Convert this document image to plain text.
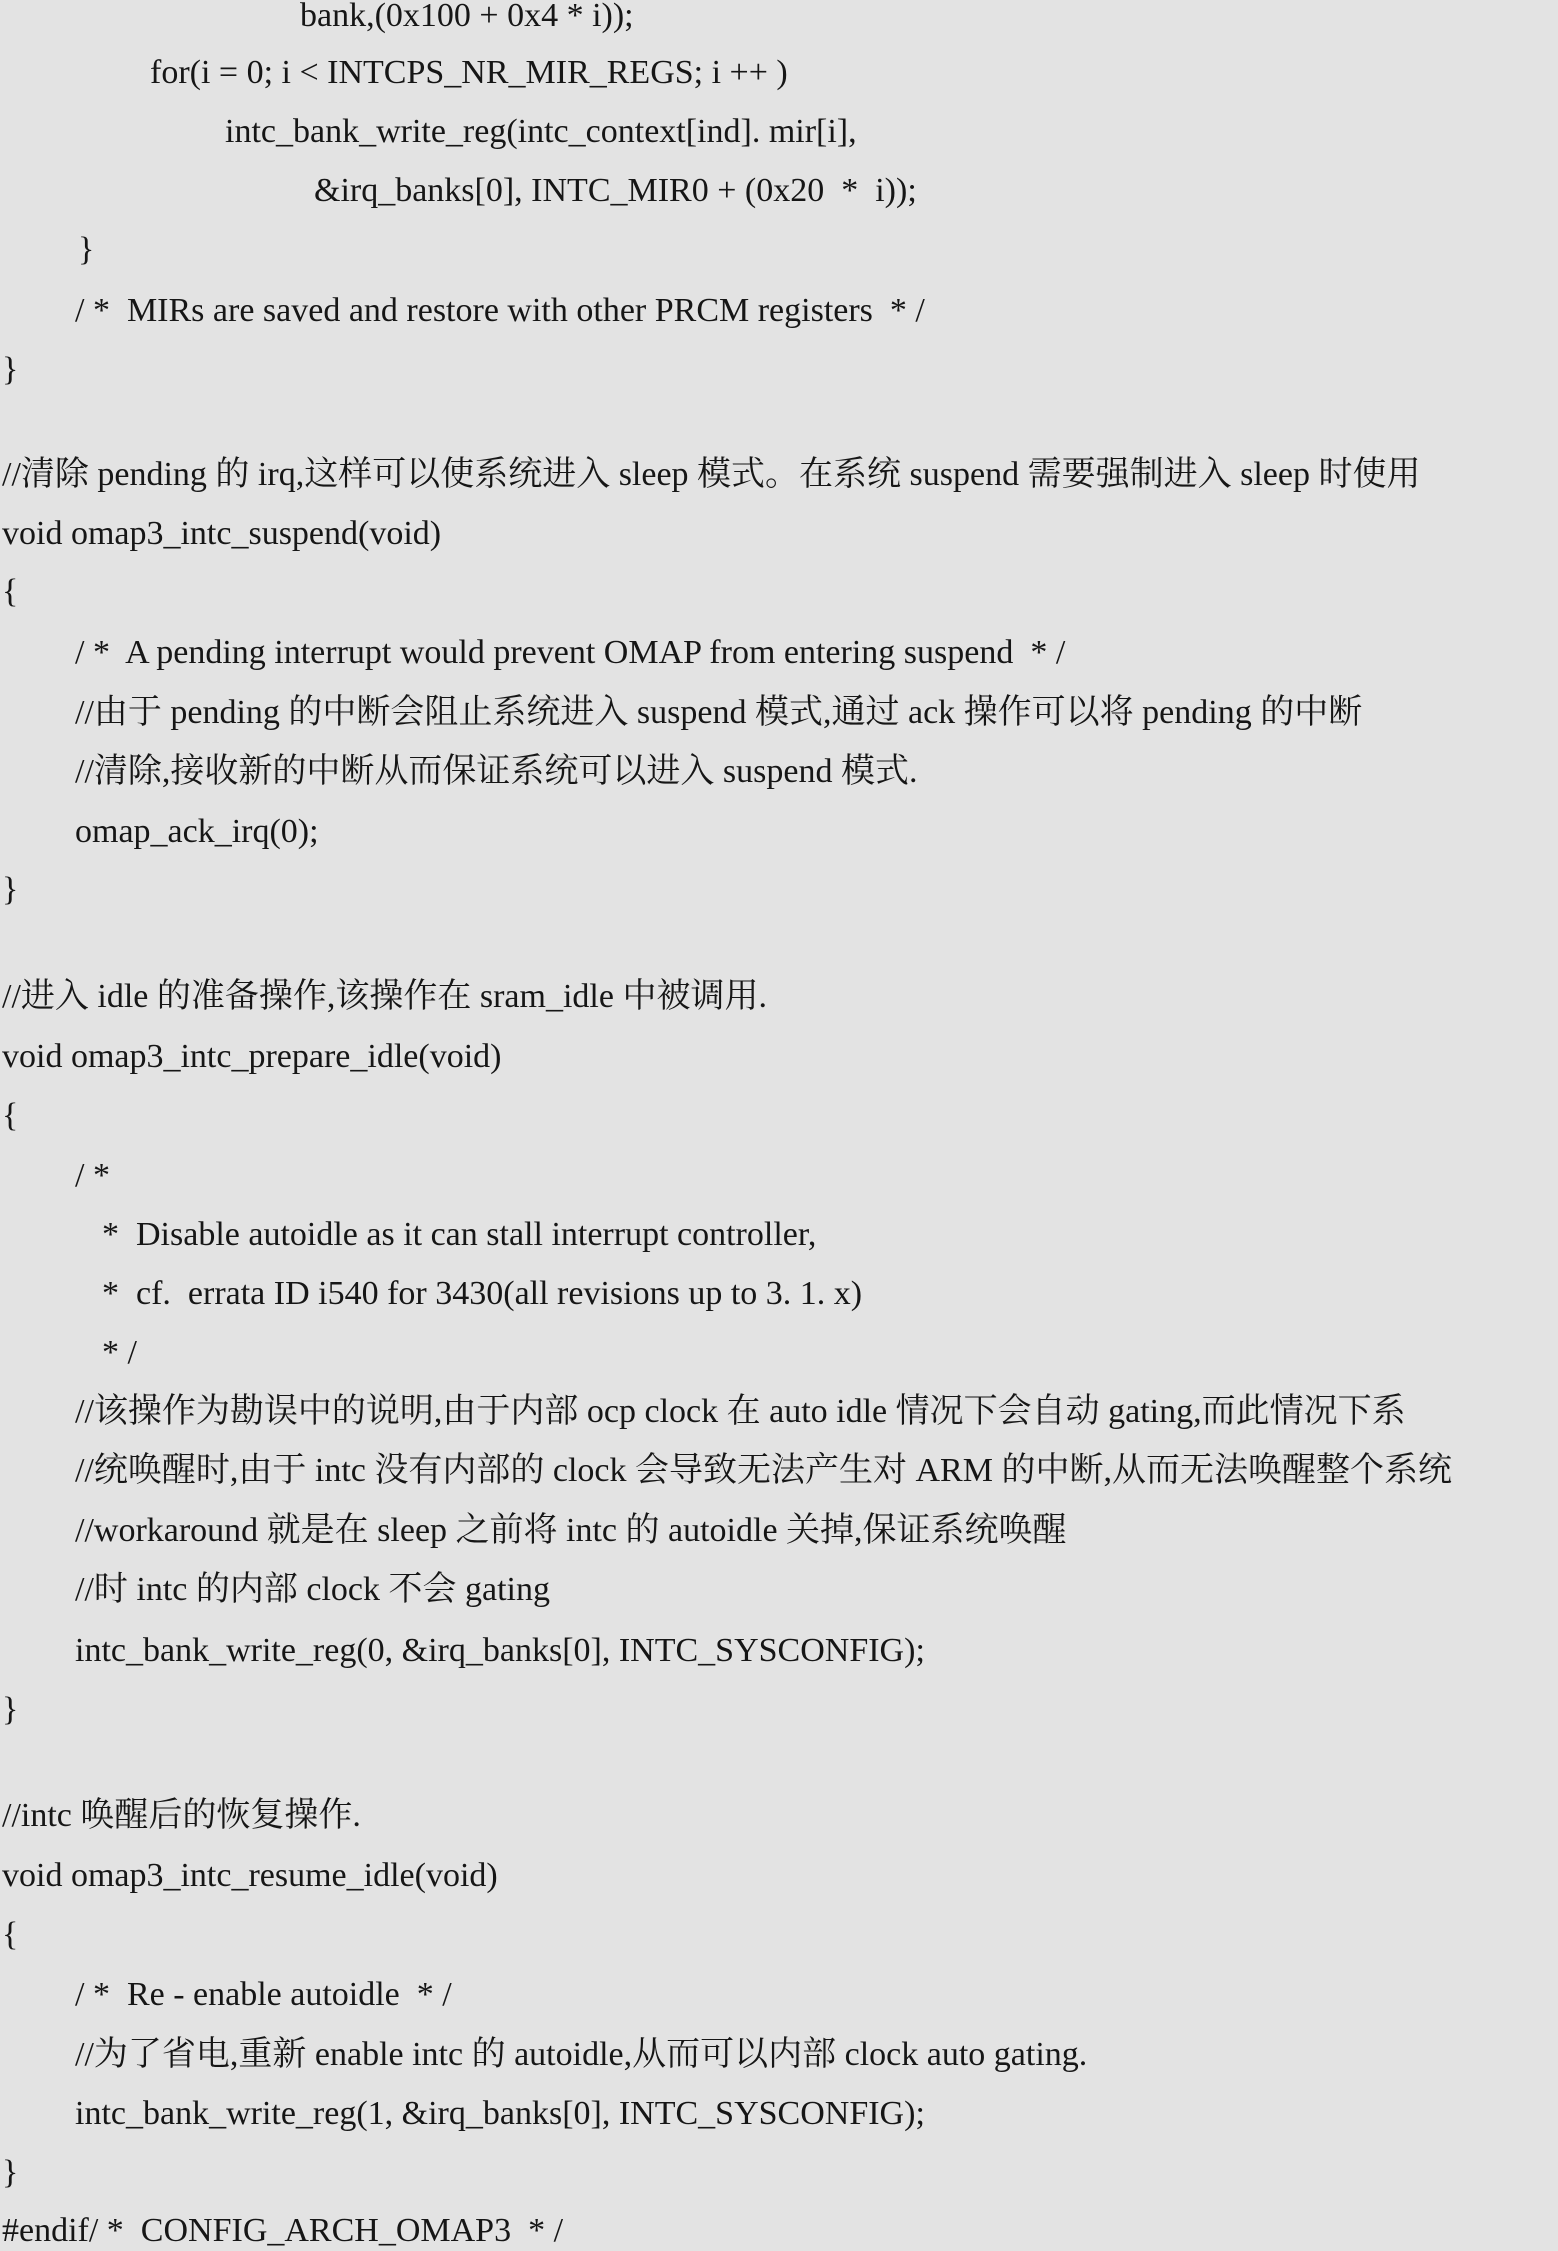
bank,(0x100 + 0x4 * i));
for(i = 0; i < INTCPS_NR_MIR_REGS; i ++ )
intc_bank_write_reg(intc_context[ind]. mir[i],
&irq_banks[0], INTC_MIR0 + (0x20  *  i));
}
/ *  MIRs are saved and restore with other PRCM registers  * /
}
//清除 pending 的 irq,这样可以使系统进入 sleep 模式。在系统 suspend 需要强制进入 sleep 时使用
void omap3_intc_suspend(void)
{
/ *  A pending interrupt would prevent OMAP from entering suspend  * /
//由于 pending 的中断会阻止系统进入 suspend 模式,通过 ack 操作可以将 pending 的中断
//清除,接收新的中断从而保证系统可以进入 suspend 模式.
omap_ack_irq(0);
}
//进入 idle 的准备操作,该操作在 sram_idle 中被调用.
void omap3_intc_prepare_idle(void)
{
/ *
*  Disable autoidle as it can stall interrupt controller,
*  cf.  errata ID i540 for 3430(all revisions up to 3. 1. x)
* /
//该操作为勘误中的说明,由于内部 ocp clock 在 auto idle 情况下会自动 gating,而此情况下系
//统唤醒时,由于 intc 没有内部的 clock 会导致无法产生对 ARM 的中断,从而无法唤醒整个系统
//workaround 就是在 sleep 之前将 intc 的 autoidle 关掉,保证系统唤醒
//时 intc 的内部 clock 不会 gating
intc_bank_write_reg(0, &irq_banks[0], INTC_SYSCONFIG);
}
//intc 唤醒后的恢复操作.
void omap3_intc_resume_idle(void)
{
/ *  Re - enable autoidle  * /
//为了省电,重新 enable intc 的 autoidle,从而可以内部 clock auto gating.
intc_bank_write_reg(1, &irq_banks[0], INTC_SYSCONFIG);
}
#endif/ *  CONFIG_ARCH_OMAP3  * /
